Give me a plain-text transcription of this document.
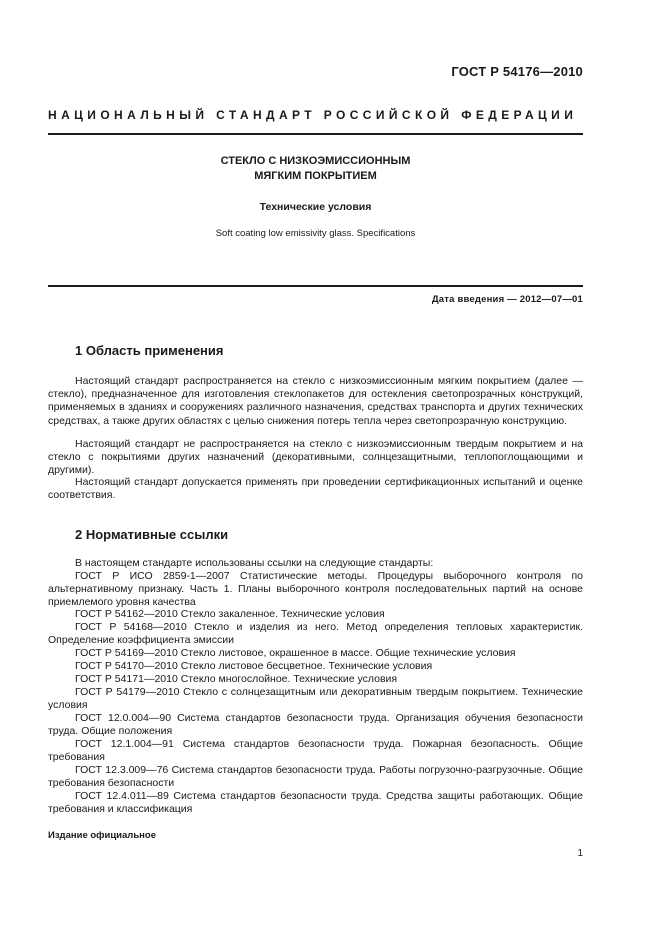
ГОСТ Р 54176—2010
НАЦИОНАЛЬНЫЙ СТАНДАРТ РОССИЙСКОЙ ФЕДЕРАЦИИ
СТЕКЛО С НИЗКОЭМИССИОННЫМ
МЯГКИМ ПОКРЫТИЕМ
Технические условия
Soft coating low emissivity glass. Specifications
Дата введения — 2012—07—01
1 Область применения

Настоящий стандарт распространяется на стекло с низкоэмиссионным мягким покрытием (далее — стекло), предназначенное для изготовления стеклопакетов для остекления светопрозрачных конструкций, применяемых в зданиях и сооружениях различного назначения, средствах транспорта и других технических средствах, а также других областях с целью снижения потерь тепла через светопрозрачную конструкцию.

Настоящий стандарт не распространяется на стекло с низкоэмиссионным твердым покрытием и на стекло с покрытиями других назначений (декоративными, солнцезащитными, теплопоглощающими и другими).

Настоящий стандарт допускается применять при проведении сертификационных испытаний и оценке соответствия.

2 Нормативные ссылки

В настоящем стандарте использованы ссылки на следующие стандарты:

ГОСТ Р ИСО 2859-1—2007 Статистические методы. Процедуры выборочного контроля по альтернативному признаку. Часть 1. Планы выборочного контроля последовательных партий на основе приемлемого уровня качества

ГОСТ Р 54162—2010 Стекло закаленное. Технические условия

ГОСТ Р 54168—2010 Стекло и изделия из него. Метод определения тепловых характеристик. Определение коэффициента эмиссии

ГОСТ Р 54169—2010 Стекло листовое, окрашенное в массе. Общие технические условия

ГОСТ Р 54170—2010 Стекло листовое бесцветное. Технические условия

ГОСТ Р 54171—2010 Стекло многослойное. Технические условия

ГОСТ Р 54179—2010 Стекло с солнцезащитным или декоративным твердым покрытием. Технические условия

ГОСТ 12.0.004—90 Система стандартов безопасности труда. Организация обучения безопасности труда. Общие положения

ГОСТ 12.1.004—91 Система стандартов безопасности труда. Пожарная безопасность. Общие требования

ГОСТ 12.3.009—76 Система стандартов безопасности труда. Работы погрузочно-разгрузочные. Общие требования безопасности

ГОСТ 12.4.011—89 Система стандартов безопасности труда. Средства защиты работающих. Общие требования и классификация

Издание официальное
1
